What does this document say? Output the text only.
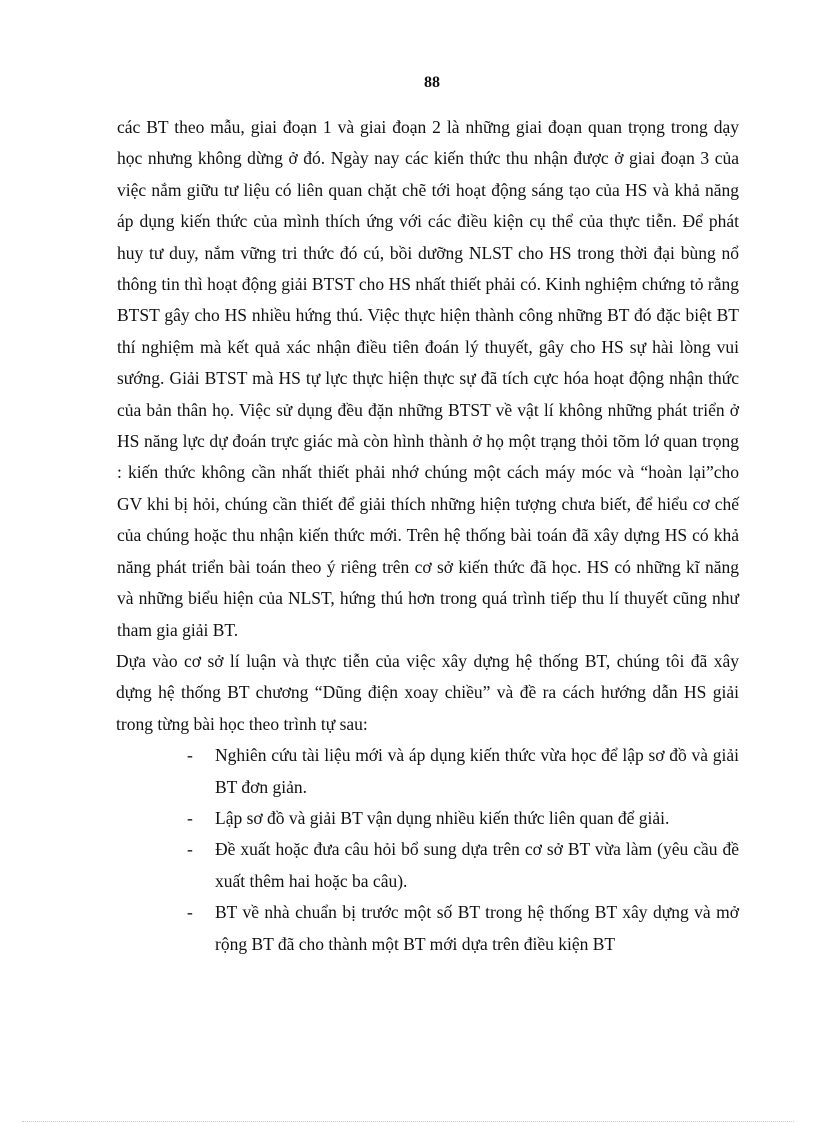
88

các BT theo mẫu, giai đoạn 1 và giai đoạn 2 là những giai đoạn quan trọng trong dạy học nhưng không dừng ở đó. Ngày nay các kiến thức thu nhận được ở giai đoạn 3 của việc nắm giữu tư liệu có liên quan chặt chẽ tới hoạt động sáng tạo của HS và khả năng áp dụng kiến thức của mình thích ứng với các điều kiện cụ thể của thực tiễn. Để phát huy tư duy, nắm vững tri thức đó cú, bồi dưỡng NLST cho HS trong thời đại bùng nổ thông tin thì hoạt động giải BTST cho HS nhất thiết phải có. Kinh nghiệm chứng tỏ rằng BTST gây cho HS nhiều hứng thú. Việc thực hiện thành công những BT đó đặc biệt BT thí nghiệm mà kết quả xác nhận điều tiên đoán lý thuyết, gây cho HS sự hài lòng vui sướng. Giải BTST mà HS tự lực thực hiện thực sự đã tích cực hóa hoạt động nhận thức của bản thân họ. Việc sử dụng đều đặn những BTST về vật lí không những phát triển ở HS năng lực dự đoán trực giác mà còn hình thành ở họ một trạng thỏi tõm lớ quan trọng : kiến thức không cần nhất thiết phải nhớ chúng một cách máy móc và “hoàn lại”cho GV khi bị hỏi, chúng cần thiết để giải thích những hiện tượng chưa biết, để hiểu cơ chế của chúng hoặc thu nhận kiến thức mới. Trên hệ thống bài toán đã xây dựng HS có khả năng phát triển bài toán theo ý riêng trên cơ sở kiến thức đã học. HS có những kĩ năng và những biểu hiện của NLST, hứng thú hơn trong quá trình tiếp thu lí thuyết cũng như tham gia giải BT.

Dựa vào cơ sở lí luận và thực tiễn của việc xây dựng hệ thống BT, chúng tôi đã xây dựng hệ thống BT chương “Dũng điện xoay chiều” và đề ra cách hướng dẫn HS giải trong từng bài học theo trình tự sau:

- Nghiên cứu tài liệu mới và áp dụng kiến thức vừa học để lập sơ đồ và giải BT đơn giản.
- Lập sơ đồ và giải BT vận dụng nhiều kiến thức liên quan để giải.
- Đề xuất hoặc đưa câu hỏi bổ sung dựa trên cơ sở BT vừa làm (yêu cầu đề xuất thêm hai hoặc ba câu).
- BT về nhà chuẩn bị trước một số BT trong hệ thống BT xây dựng và mở rộng BT đã cho thành một BT mới dựa trên điều kiện BT
